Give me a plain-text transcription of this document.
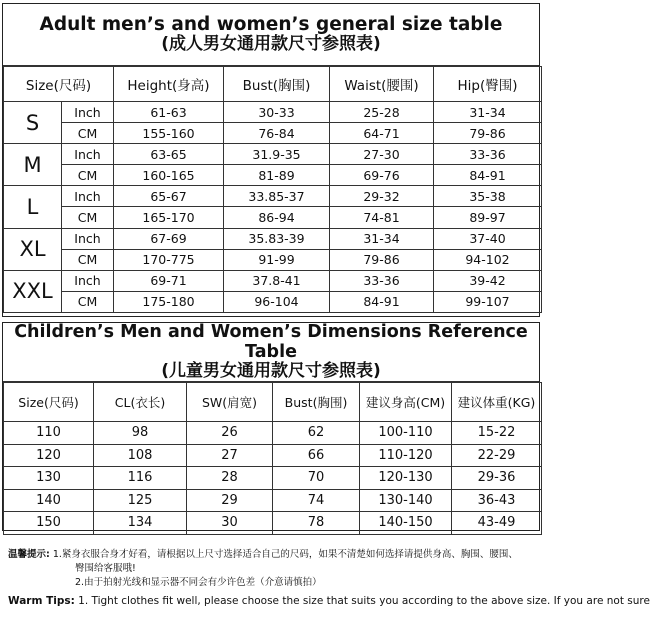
Adult men’s and women’s general size table
(成人男女通用款尺寸参照表)
Size(尺码)		Height(身高)	Bust(胸围)	Waist(腰围)	Hip(臀围)
S	Inch	61-63	30-33	25-28	31-34
	CM	155-160	76-84	64-71	79-86
M	Inch	63-65	31.9-35	27-30	33-36
	CM	160-165	81-89	69-76	84-91
L	Inch	65-67	33.85-37	29-32	35-38
	CM	165-170	86-94	74-81	89-97
XL	Inch	67-69	35.83-39	31-34	37-40
	CM	170-775	91-99	79-86	94-102
XXL	Inch	69-71	37.8-41	33-36	39-42
	CM	175-180	96-104	84-91	99-107
Children’s Men and Women’s Dimensions Reference Table
(儿童男女通用款尺寸参照表)
Size(尺码)	CL(衣长)	SW(肩宽)	Bust(胸围)	建议身高(CM)	建议体重(KG)
110	98	26	62	100-110	15-22
120	108	27	66	110-120	22-29
130	116	28	70	120-130	29-36
140	125	29	74	130-140	36-43
150	134	30	78	140-150	43-49
温馨提示: 1.紧身衣服合身才好看，请根据以上尺寸选择适合自己的尺码，如果不清楚如何选择请提供身高、胸围、腰围、
臀围给客服哦!
2.由于拍射光线和显示器不同会有少许色差（介意请慎拍）
Warm Tips: 1. Tight clothes fit well, please choose the size that suits you according to the above size. If you are not sure
